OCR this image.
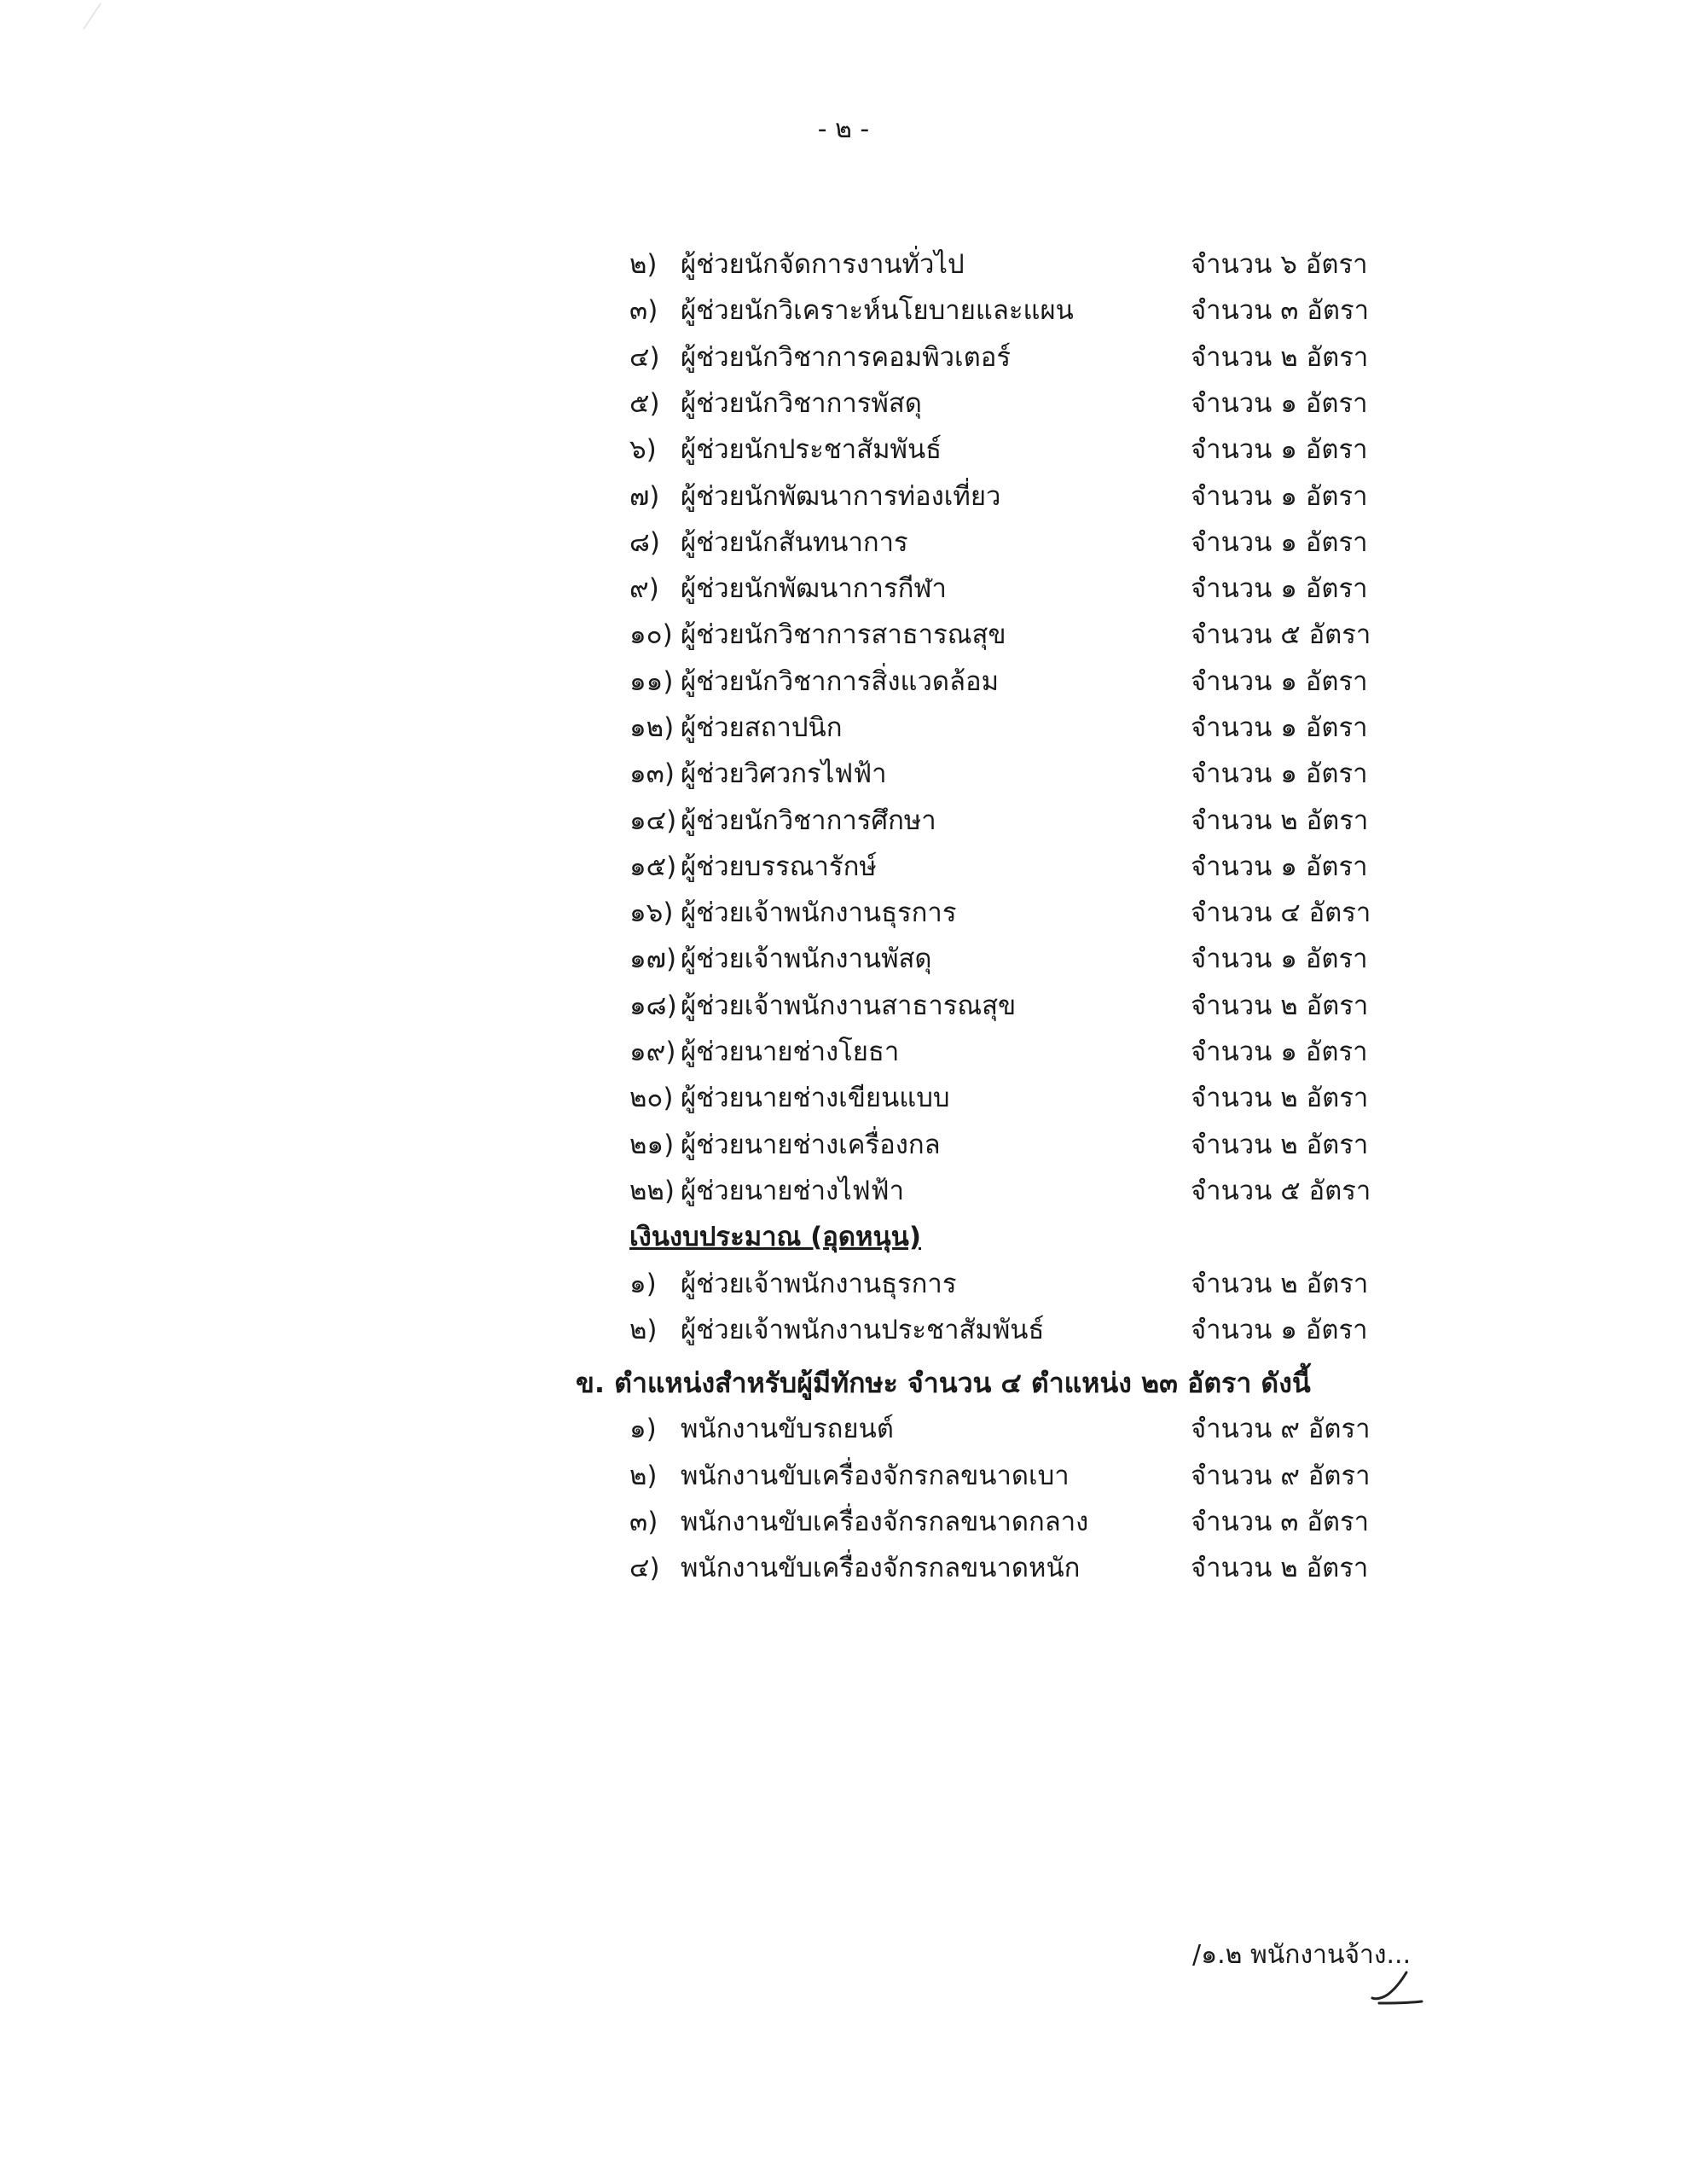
- ๒ -
๒) ผู้ช่วยนักจัดการงานทั่วไป	จำนวน ๖ อัตรา
๓) ผู้ช่วยนักวิเคราะห์นโยบายและแผน	จำนวน ๓ อัตรา
๔) ผู้ช่วยนักวิชาการคอมพิวเตอร์	จำนวน ๒ อัตรา
๕) ผู้ช่วยนักวิชาการพัสดุ	จำนวน ๑ อัตรา
๖) ผู้ช่วยนักประชาสัมพันธ์	จำนวน ๑ อัตรา
๗) ผู้ช่วยนักพัฒนาการท่องเที่ยว	จำนวน ๑ อัตรา
๘) ผู้ช่วยนักสันทนาการ	จำนวน ๑ อัตรา
๙) ผู้ช่วยนักพัฒนาการกีฬา	จำนวน ๑ อัตรา
๑๐) ผู้ช่วยนักวิชาการสาธารณสุข	จำนวน ๕ อัตรา
๑๑) ผู้ช่วยนักวิชาการสิ่งแวดล้อม	จำนวน ๑ อัตรา
๑๒) ผู้ช่วยสถาปนิก	จำนวน ๑ อัตรา
๑๓) ผู้ช่วยวิศวกรไฟฟ้า	จำนวน ๑ อัตรา
๑๔) ผู้ช่วยนักวิชาการศึกษา	จำนวน ๒ อัตรา
๑๕) ผู้ช่วยบรรณารักษ์	จำนวน ๑ อัตรา
๑๖) ผู้ช่วยเจ้าพนักงานธุรการ	จำนวน ๔ อัตรา
๑๗) ผู้ช่วยเจ้าพนักงานพัสดุ	จำนวน ๑ อัตรา
๑๘) ผู้ช่วยเจ้าพนักงานสาธารณสุข	จำนวน ๒ อัตรา
๑๙) ผู้ช่วยนายช่างโยธา	จำนวน ๑ อัตรา
๒๐) ผู้ช่วยนายช่างเขียนแบบ	จำนวน ๒ อัตรา
๒๑) ผู้ช่วยนายช่างเครื่องกล	จำนวน ๒ อัตรา
๒๒) ผู้ช่วยนายช่างไฟฟ้า	จำนวน ๕ อัตรา
เงินงบประมาณ (อุดหนุน)
๑) ผู้ช่วยเจ้าพนักงานธุรการ	จำนวน ๒ อัตรา
๒) ผู้ช่วยเจ้าพนักงานประชาสัมพันธ์	จำนวน ๑ อัตรา
ข. ตำแหน่งสำหรับผู้มีทักษะ จำนวน ๔ ตำแหน่ง ๒๓ อัตรา ดังนี้
๑) พนักงานขับรถยนต์	จำนวน ๙ อัตรา
๒) พนักงานขับเครื่องจักรกลขนาดเบา	จำนวน ๙ อัตรา
๓) พนักงานขับเครื่องจักรกลขนาดกลาง	จำนวน ๓ อัตรา
๔) พนักงานขับเครื่องจักรกลขนาดหนัก	จำนวน ๒ อัตรา
/๑.๒ พนักงานจ้าง...
